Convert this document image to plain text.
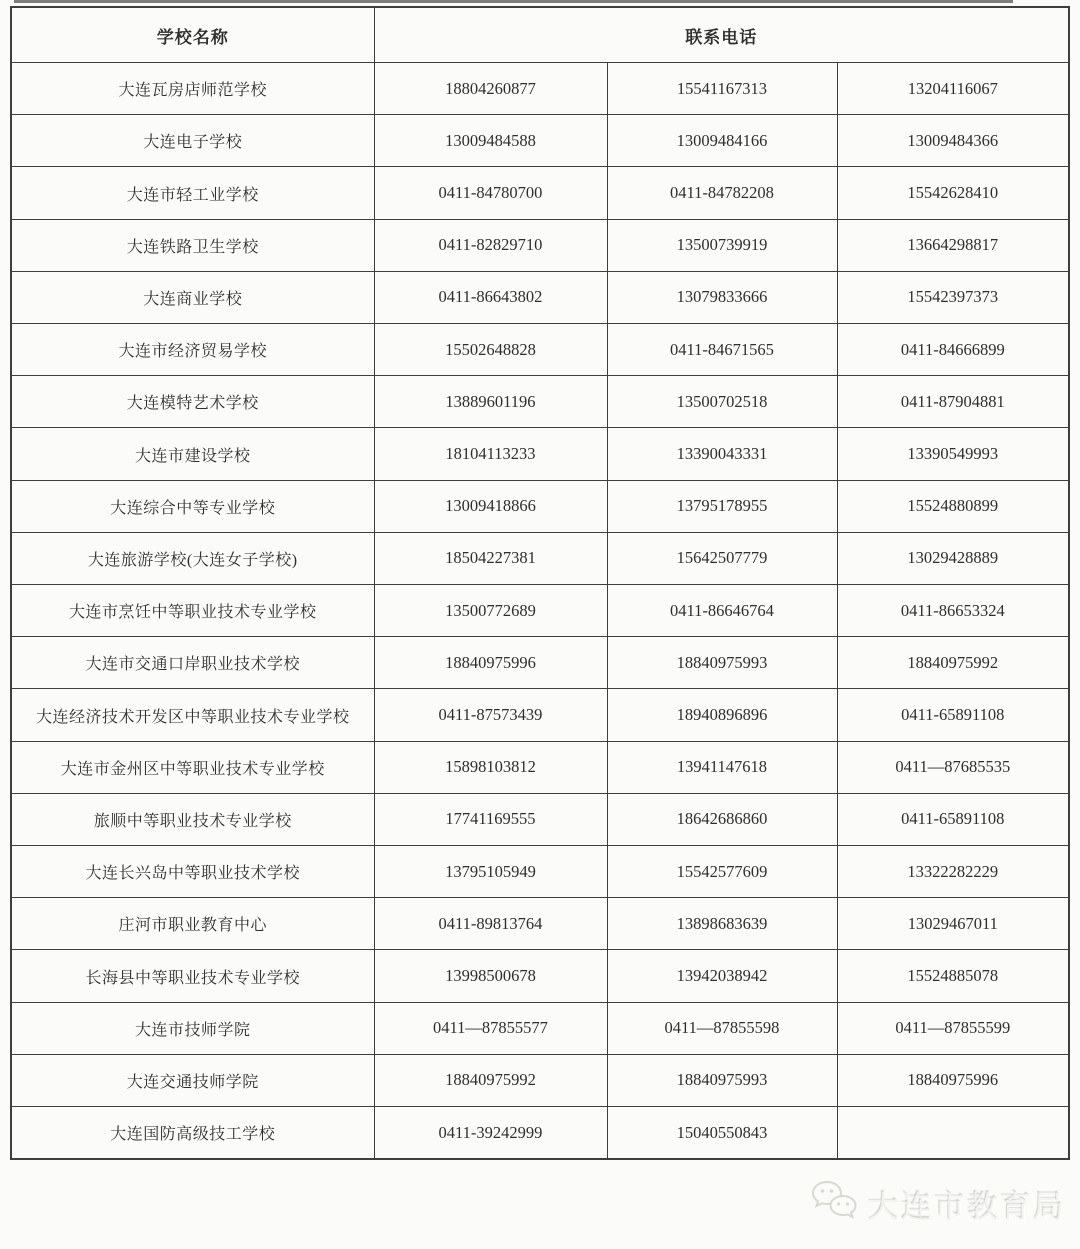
学校名称	联系电话		
大连瓦房店师范学校	18804260877	15541167313	13204116067
大连电子学校	13009484588	13009484166	13009484366
大连市轻工业学校	0411-84780700	0411-84782208	15542628410
大连铁路卫生学校	0411-82829710	13500739919	13664298817
大连商业学校	0411-86643802	13079833666	15542397373
大连市经济贸易学校	15502648828	0411-84671565	0411-84666899
大连模特艺术学校	13889601196	13500702518	0411-87904881
大连市建设学校	18104113233	13390043331	13390549993
大连综合中等专业学校	13009418866	13795178955	15524880899
大连旅游学校(大连女子学校)	18504227381	15642507779	13029428889
大连市烹饪中等职业技术专业学校	13500772689	0411-86646764	0411-86653324
大连市交通口岸职业技术学校	18840975996	18840975993	18840975992
大连经济技术开发区中等职业技术专业学校	0411-87573439	18940896896	0411-65891108
大连市金州区中等职业技术专业学校	15898103812	13941147618	0411—87685535
旅顺中等职业技术专业学校	17741169555	18642686860	0411-65891108
大连长兴岛中等职业技术学校	13795105949	15542577609	13322282229
庄河市职业教育中心	0411-89813764	13898683639	13029467011
长海县中等职业技术专业学校	13998500678	13942038942	15524885078
大连市技师学院	0411—87855577	0411—87855598	0411—87855599
大连交通技师学院	18840975992	18840975993	18840975996
大连国防高级技工学校	0411-39242999	15040550843	
大连市教育局
